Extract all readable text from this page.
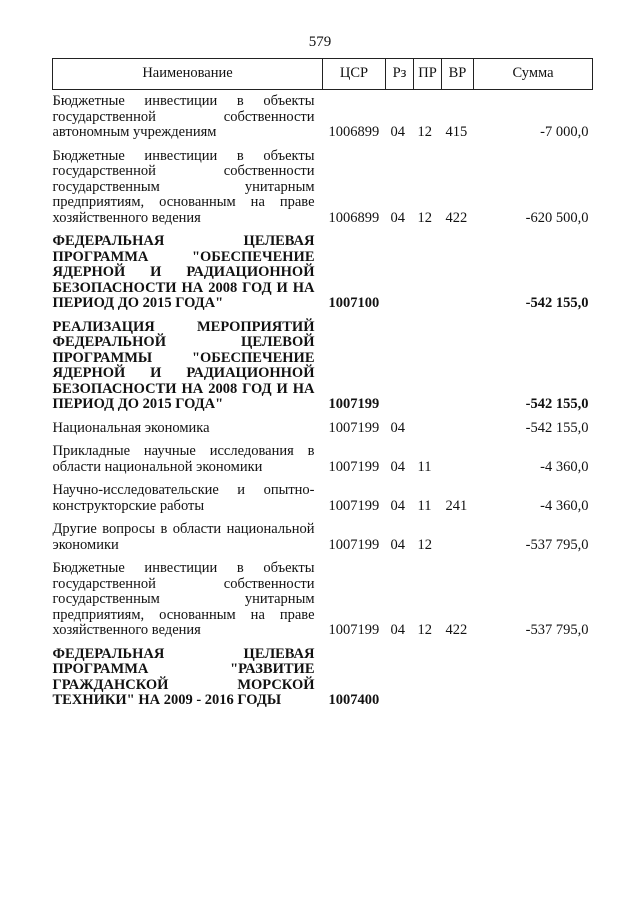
579
Наименование	ЦСР	Рз	ПР	ВР	Сумма
Бюджетные инвестиции в объекты государственной собственности автономным учреждениям	1006899	04	12	415	-7 000,0
Бюджетные инвестиции в объекты государственной собственности государственным унитарным предприятиям, основанным на праве хозяйственного ведения	1006899	04	12	422	-620 500,0
ФЕДЕРАЛЬНАЯ ЦЕЛЕВАЯ ПРОГРАММА "ОБЕСПЕЧЕНИЕ ЯДЕРНОЙ И РАДИАЦИОННОЙ БЕЗОПАСНОСТИ НА 2008 ГОД И НА ПЕРИОД ДО 2015 ГОДА"	1007100				-542 155,0
РЕАЛИЗАЦИЯ МЕРОПРИЯТИЙ ФЕДЕРАЛЬНОЙ ЦЕЛЕВОЙ ПРОГРАММЫ "ОБЕСПЕЧЕНИЕ ЯДЕРНОЙ И РАДИАЦИОННОЙ БЕЗОПАСНОСТИ НА 2008 ГОД И НА ПЕРИОД ДО 2015 ГОДА"	1007199				-542 155,0
Национальная экономика	1007199	04			-542 155,0
Прикладные научные исследования в области национальной экономики	1007199	04	11		-4 360,0
Научно-исследовательские и опытно-конструкторские работы	1007199	04	11	241	-4 360,0
Другие вопросы в области национальной экономики	1007199	04	12		-537 795,0
Бюджетные инвестиции в объекты государственной собственности государственным унитарным предприятиям, основанным на праве хозяйственного ведения	1007199	04	12	422	-537 795,0
ФЕДЕРАЛЬНАЯ ЦЕЛЕВАЯ ПРОГРАММА "РАЗВИТИЕ ГРАЖДАНСКОЙ МОРСКОЙ ТЕХНИКИ" НА 2009 - 2016 ГОДЫ	1007400				
